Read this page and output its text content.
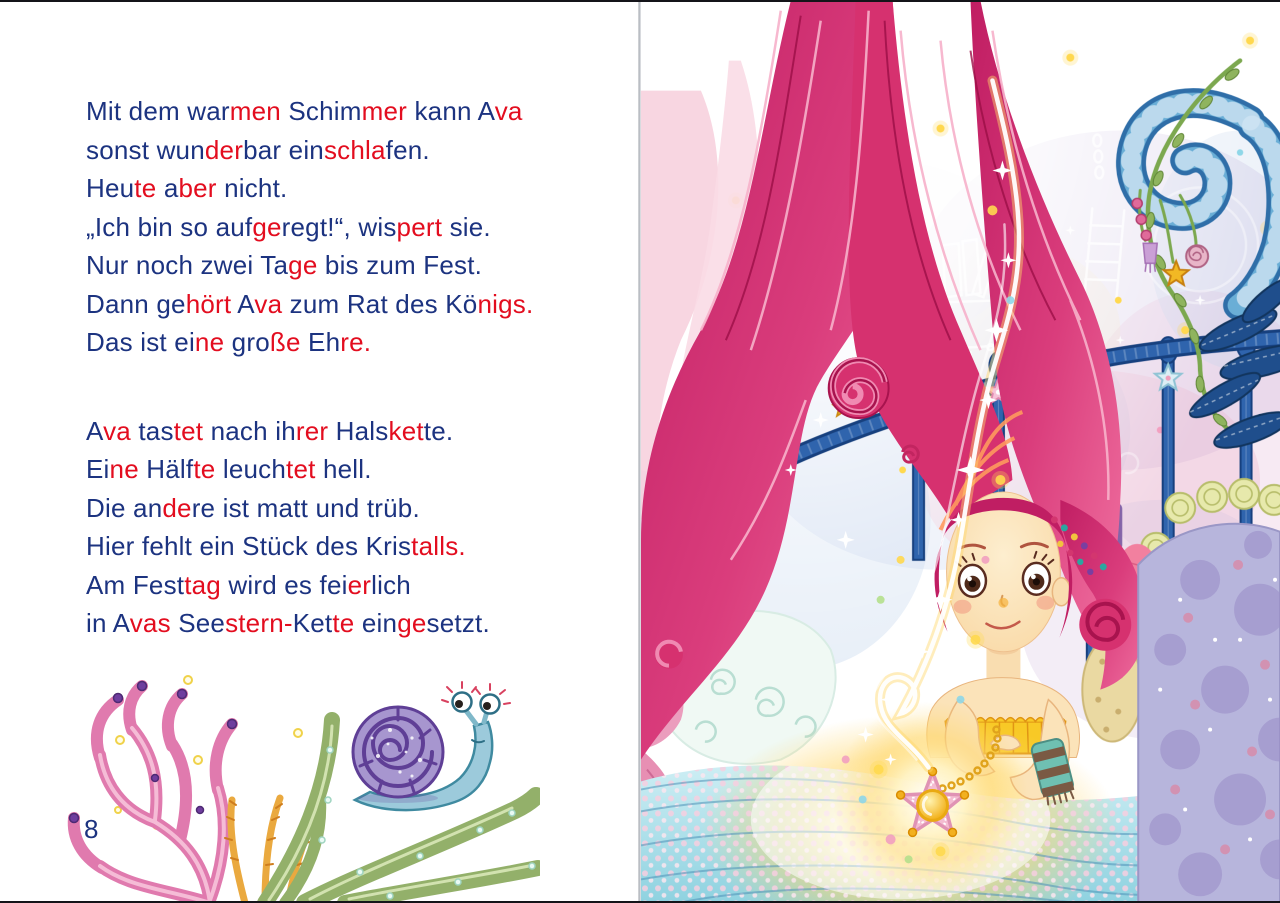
Mit dem warmen Schimmer kann Ava
sonst wunderbar einschlafen.
Heute aber nicht.
„Ich bin so aufgeregt!“, wispert sie.
Nur noch zwei Tage bis zum Fest.
Dann gehört Ava zum Rat des Königs.
Das ist eine große Ehre.
Ava tastet nach ihrer Halskette.
Eine Hälfte leuchtet hell.
Die andere ist matt und trüb.
Hier fehlt ein Stück des Kristalls.
Am Festtag wird es feierlich
in Avas Seestern-Kette eingesetzt.
8
